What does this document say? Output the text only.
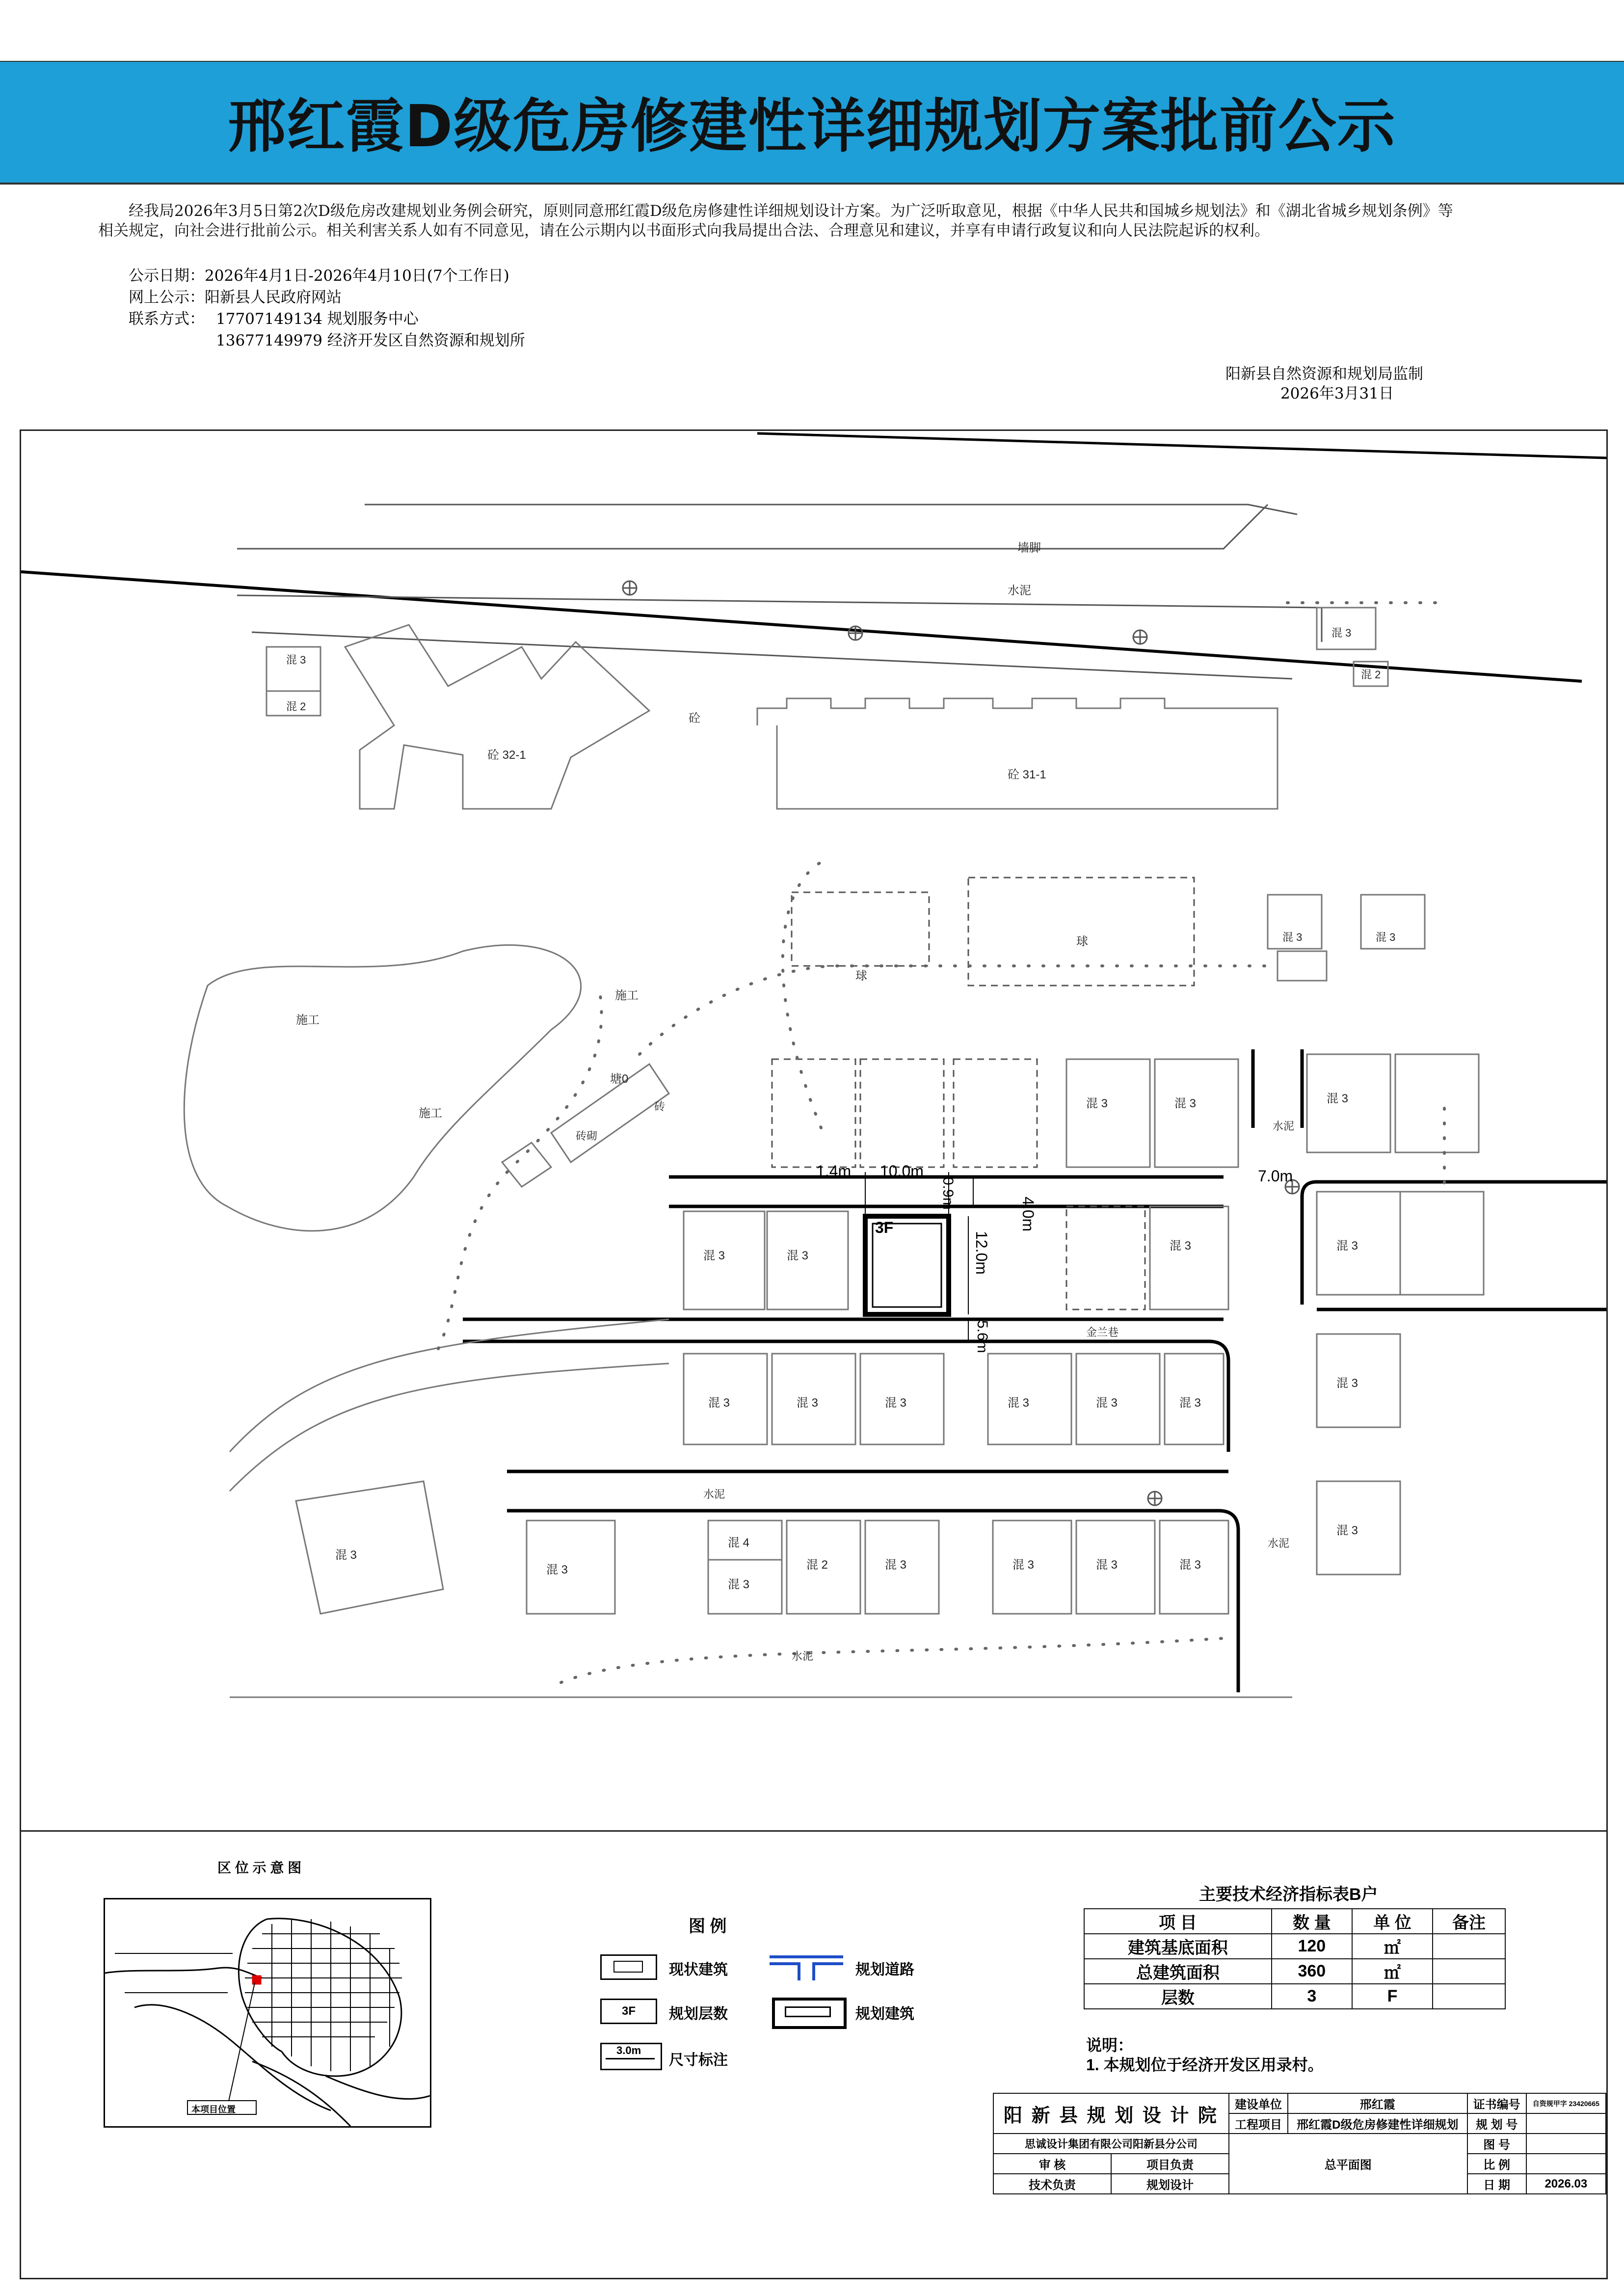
邢红霞D级危房修建性详细规划方案批前公示

经我局2026年3月5日第2次D级危房改建规划业务例会研究，原则同意邢红霞D级危房修建性详细规划设计方案。为广泛听取意见，根据《中华人民共和国城乡规划法》和《湖北省城乡规划条例》等相关规定，向社会进行批前公示。相关利害关系人如有不同意见，请在公示期内以书面形式向我局提出合法、合理意见和建议，并享有申请行政复议和向人民法院起诉的权利。

公示日期：2026年4月1日-2026年4月10日(7个工作日)
网上公示：阳新县人民政府网站
联系方式： 17707149134 规划服务中心
13677149979 经济开发区自然资源和规划所
阳新县自然资源和规划局监制
2026年3月31日
墙脚
水泥
砼 32-1
砼 31-1
砼
球
球
施工
施工
施工
塘0
砖
砖砌
混 3	混 3	混 3
混 3	混 3
混 3	混 3
混 3	混 3	混 3	混 3	混 3	混 3
混 3
混 3
混 4
混 3
混 2	混 3	混 3	混 3	混 3
混 3
混 3
混 3
混 2
混 3
混 2
混 3	混 3
水泥
水泥
水泥
水泥
金兰巷
3F
1.4m 10.0m
0.9m
4.0m
12.0m
5.6m
7.0m
区 位 示 意 图
本项目位置
图 例
现状建筑	规划道路
3F	规划层数	规划建筑
3.0m
尺寸标注
主要技术经济指标表B户
项 目	数 量	单 位	备注
建筑基底面积	120	㎡	
总建筑面积	360	㎡	
层数	3	F	
说明：
1. 本规划位于经济开发区用录村。
阳 新 县 规 划 设 计 院		建设单位	邢红霞	证书编号	自资规甲字 23420665
		工程项目	邢红霞D级危房修建性详细规划	规 划 号	
思诚设计集团有限公司阳新县分公司		总平面图		图 号	
审 核	项目负责			比 例	
技术负责	规划设计			日 期	2026.03
